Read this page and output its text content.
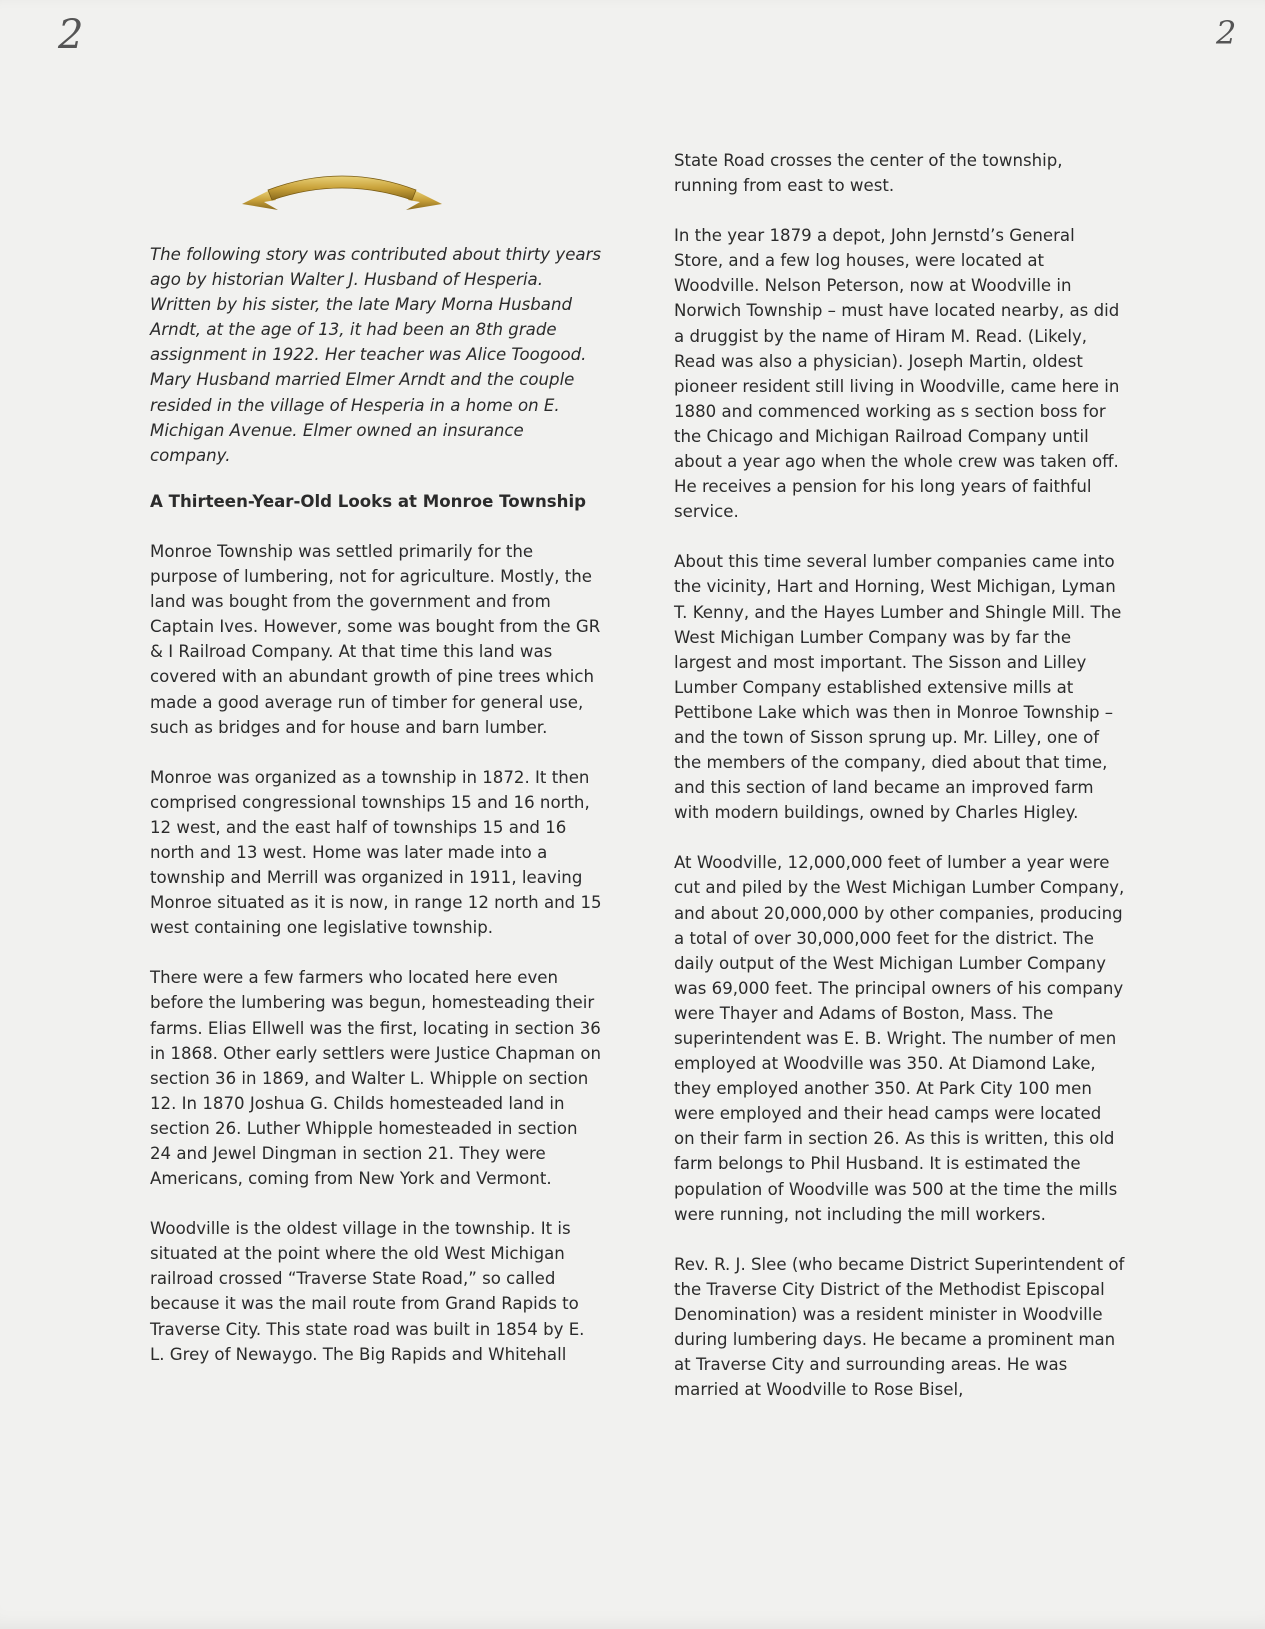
2	2
The following story was contributed about thirty years ago by historian Walter J. Husband of Hesperia.
Written by his sister, the late Mary Morna Husband Arndt, at the age of 13, it had been an 8th grade assignment in 1922. Her teacher was Alice Toogood. Mary Husband married Elmer Arndt and the couple resided in the village of Hesperia in a home on E. Michigan Avenue. Elmer owned an insurance company.

A Thirteen-Year-Old Looks at Monroe Township

Monroe Township was settled primarily for the purpose of lumbering, not for agriculture. Mostly, the land was bought from the government and from Captain Ives. However, some was bought from the GR & I Railroad Company. At that time this land was covered with an abundant growth of pine trees which made a good average run of timber for general use, such as bridges and for house and barn lumber.

Monroe was organized as a township in 1872. It then comprised congressional townships 15 and 16 north, 12 west, and the east half of townships 15 and 16 north and 13 west. Home was later made into a township and Merrill was organized in 1911, leaving Monroe situated as it is now, in range 12 north and 15 west containing one legislative township.

There were a few farmers who located here even before the lumbering was begun, homesteading their farms. Elias Ellwell was the first, locating in section 36 in 1868. Other early settlers were Justice Chapman on section 36 in 1869, and Walter L. Whipple on section 12. In 1870 Joshua G. Childs homesteaded land in section 26. Luther Whipple homesteaded in section 24 and Jewel Dingman in section 21. They were Americans, coming from New York and Vermont.

Woodville is the oldest village in the township. It is situated at the point where the old West Michigan railroad crossed “Traverse State Road,” so called because it was the mail route from Grand Rapids to Traverse City. This state road was built in 1854 by E. L. Grey of Newaygo. The Big Rapids and Whitehall

State Road crosses the center of the township, running from east to west.

In the year 1879 a depot, John Jernstd’s General Store, and a few log houses, were located at Woodville. Nelson Peterson, now at Woodville in Norwich Township – must have located nearby, as did a druggist by the name of Hiram M. Read. (Likely, Read was also a physician). Joseph Martin, oldest pioneer resident still living in Woodville, came here in 1880 and commenced working as s section boss for the Chicago and Michigan Railroad Company until about a year ago when the whole crew was taken off. He receives a pension for his long years of faithful service.

About this time several lumber companies came into the vicinity, Hart and Horning, West Michigan, Lyman T. Kenny, and the Hayes Lumber and Shingle Mill. The West Michigan Lumber Company was by far the largest and most important. The Sisson and Lilley Lumber Company established extensive mills at Pettibone Lake which was then in Monroe Township – and the town of Sisson sprung up. Mr. Lilley, one of the members of the company, died about that time, and this section of land became an improved farm with modern buildings, owned by Charles Higley.

At Woodville, 12,000,000 feet of lumber a year were cut and piled by the West Michigan Lumber Company, and about 20,000,000 by other companies, producing a total of over 30,000,000 feet for the district. The daily output of the West Michigan Lumber Company was 69,000 feet. The principal owners of his company were Thayer and Adams of Boston, Mass. The superintendent was E. B. Wright. The number of men employed at Woodville was 350. At Diamond Lake, they employed another 350. At Park City 100 men were employed and their head camps were located on their farm in section 26. As this is written, this old farm belongs to Phil Husband. It is estimated the population of Woodville was 500 at the time the mills were running, not including the mill workers.

Rev. R. J. Slee (who became District Superintendent of the Traverse City District of the Methodist Episcopal Denomination) was a resident minister in Woodville during lumbering days. He became a prominent man at Traverse City and surrounding areas. He was married at Woodville to Rose Bisel,
